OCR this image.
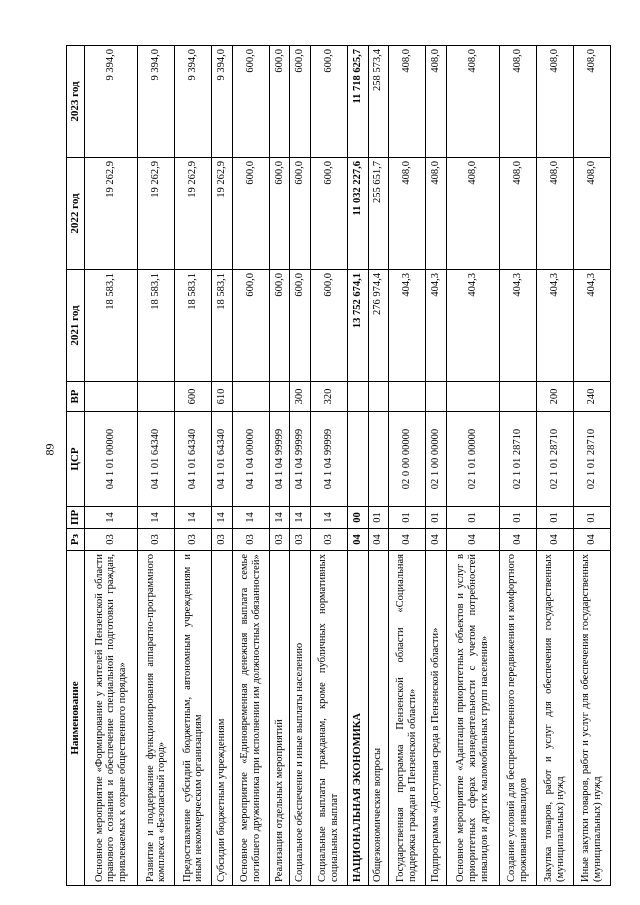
89
Наименование	Рз	ПР	ЦСР	ВР	2021 год	2022 год	2023 год
Основное мероприятие «Формирование у жителей Пензенской области правового сознания и обеспечение специальной подготовки граждан, привлекаемых к охране общественного порядка»	03	14	04 1 01 00000		18 583,1	19 262,9	9 394,0
Развитие и поддержание функционирования аппаратно-программного комплекса «Безопасный город»	03	14	04 1 01 64340		18 583,1	19 262,9	9 394,0
Предоставление субсидий бюджетным, автономным учреждениям и иным некоммерческим организациям	03	14	04 1 01 64340	600	18 583,1	19 262,9	9 394,0
Субсидии бюджетным учреждениям	03	14	04 1 01 64340	610	18 583,1	19 262,9	9 394,0
Основное мероприятие «Единовременная денежная выплата семье погибшего дружинника при исполнении им должностных обязанностей»	03	14	04 1 04 00000		600,0	600,0	600,0
Реализация отдельных мероприятий	03	14	04 1 04 99999		600,0	600,0	600,0
Социальное обеспечение и иные выплаты населению	03	14	04 1 04 99999	300	600,0	600,0	600,0
Социальные выплаты гражданам, кроме публичных нормативных социальных выплат	03	14	04 1 04 99999	320	600,0	600,0	600,0
НАЦИОНАЛЬНАЯ ЭКОНОМИКА	04	00			13 752 674,1	11 032 227,6	11 718 625,7
Общеэкономические вопросы	04	01			276 974,4	255 651,7	258 573,4
Государственная программа Пензенской области «Социальная поддержка граждан в Пензенской области»	04	01	02 0 00 00000		404,3	408,0	408,0
Подпрограмма «Доступная среда в Пензенской области»	04	01	02 1 00 00000		404,3	408,0	408,0
Основное мероприятие «Адаптация приоритетных объектов и услуг в приоритетных сферах жизнедеятельности с учетом потребностей инвалидов и других маломобильных групп населения»	04	01	02 1 01 00000		404,3	408,0	408,0
Создание условий для беспрепятственного передвижения и комфортного проживания инвалидов	04	01	02 1 01 28710		404,3	408,0	408,0
Закупка товаров, работ и услуг для обеспечения государственных (муниципальных) нужд	04	01	02 1 01 28710	200	404,3	408,0	408,0
Иные закупки товаров, работ и услуг для обеспечения государственных (муниципальных) нужд	04	01	02 1 01 28710	240	404,3	408,0	408,0
